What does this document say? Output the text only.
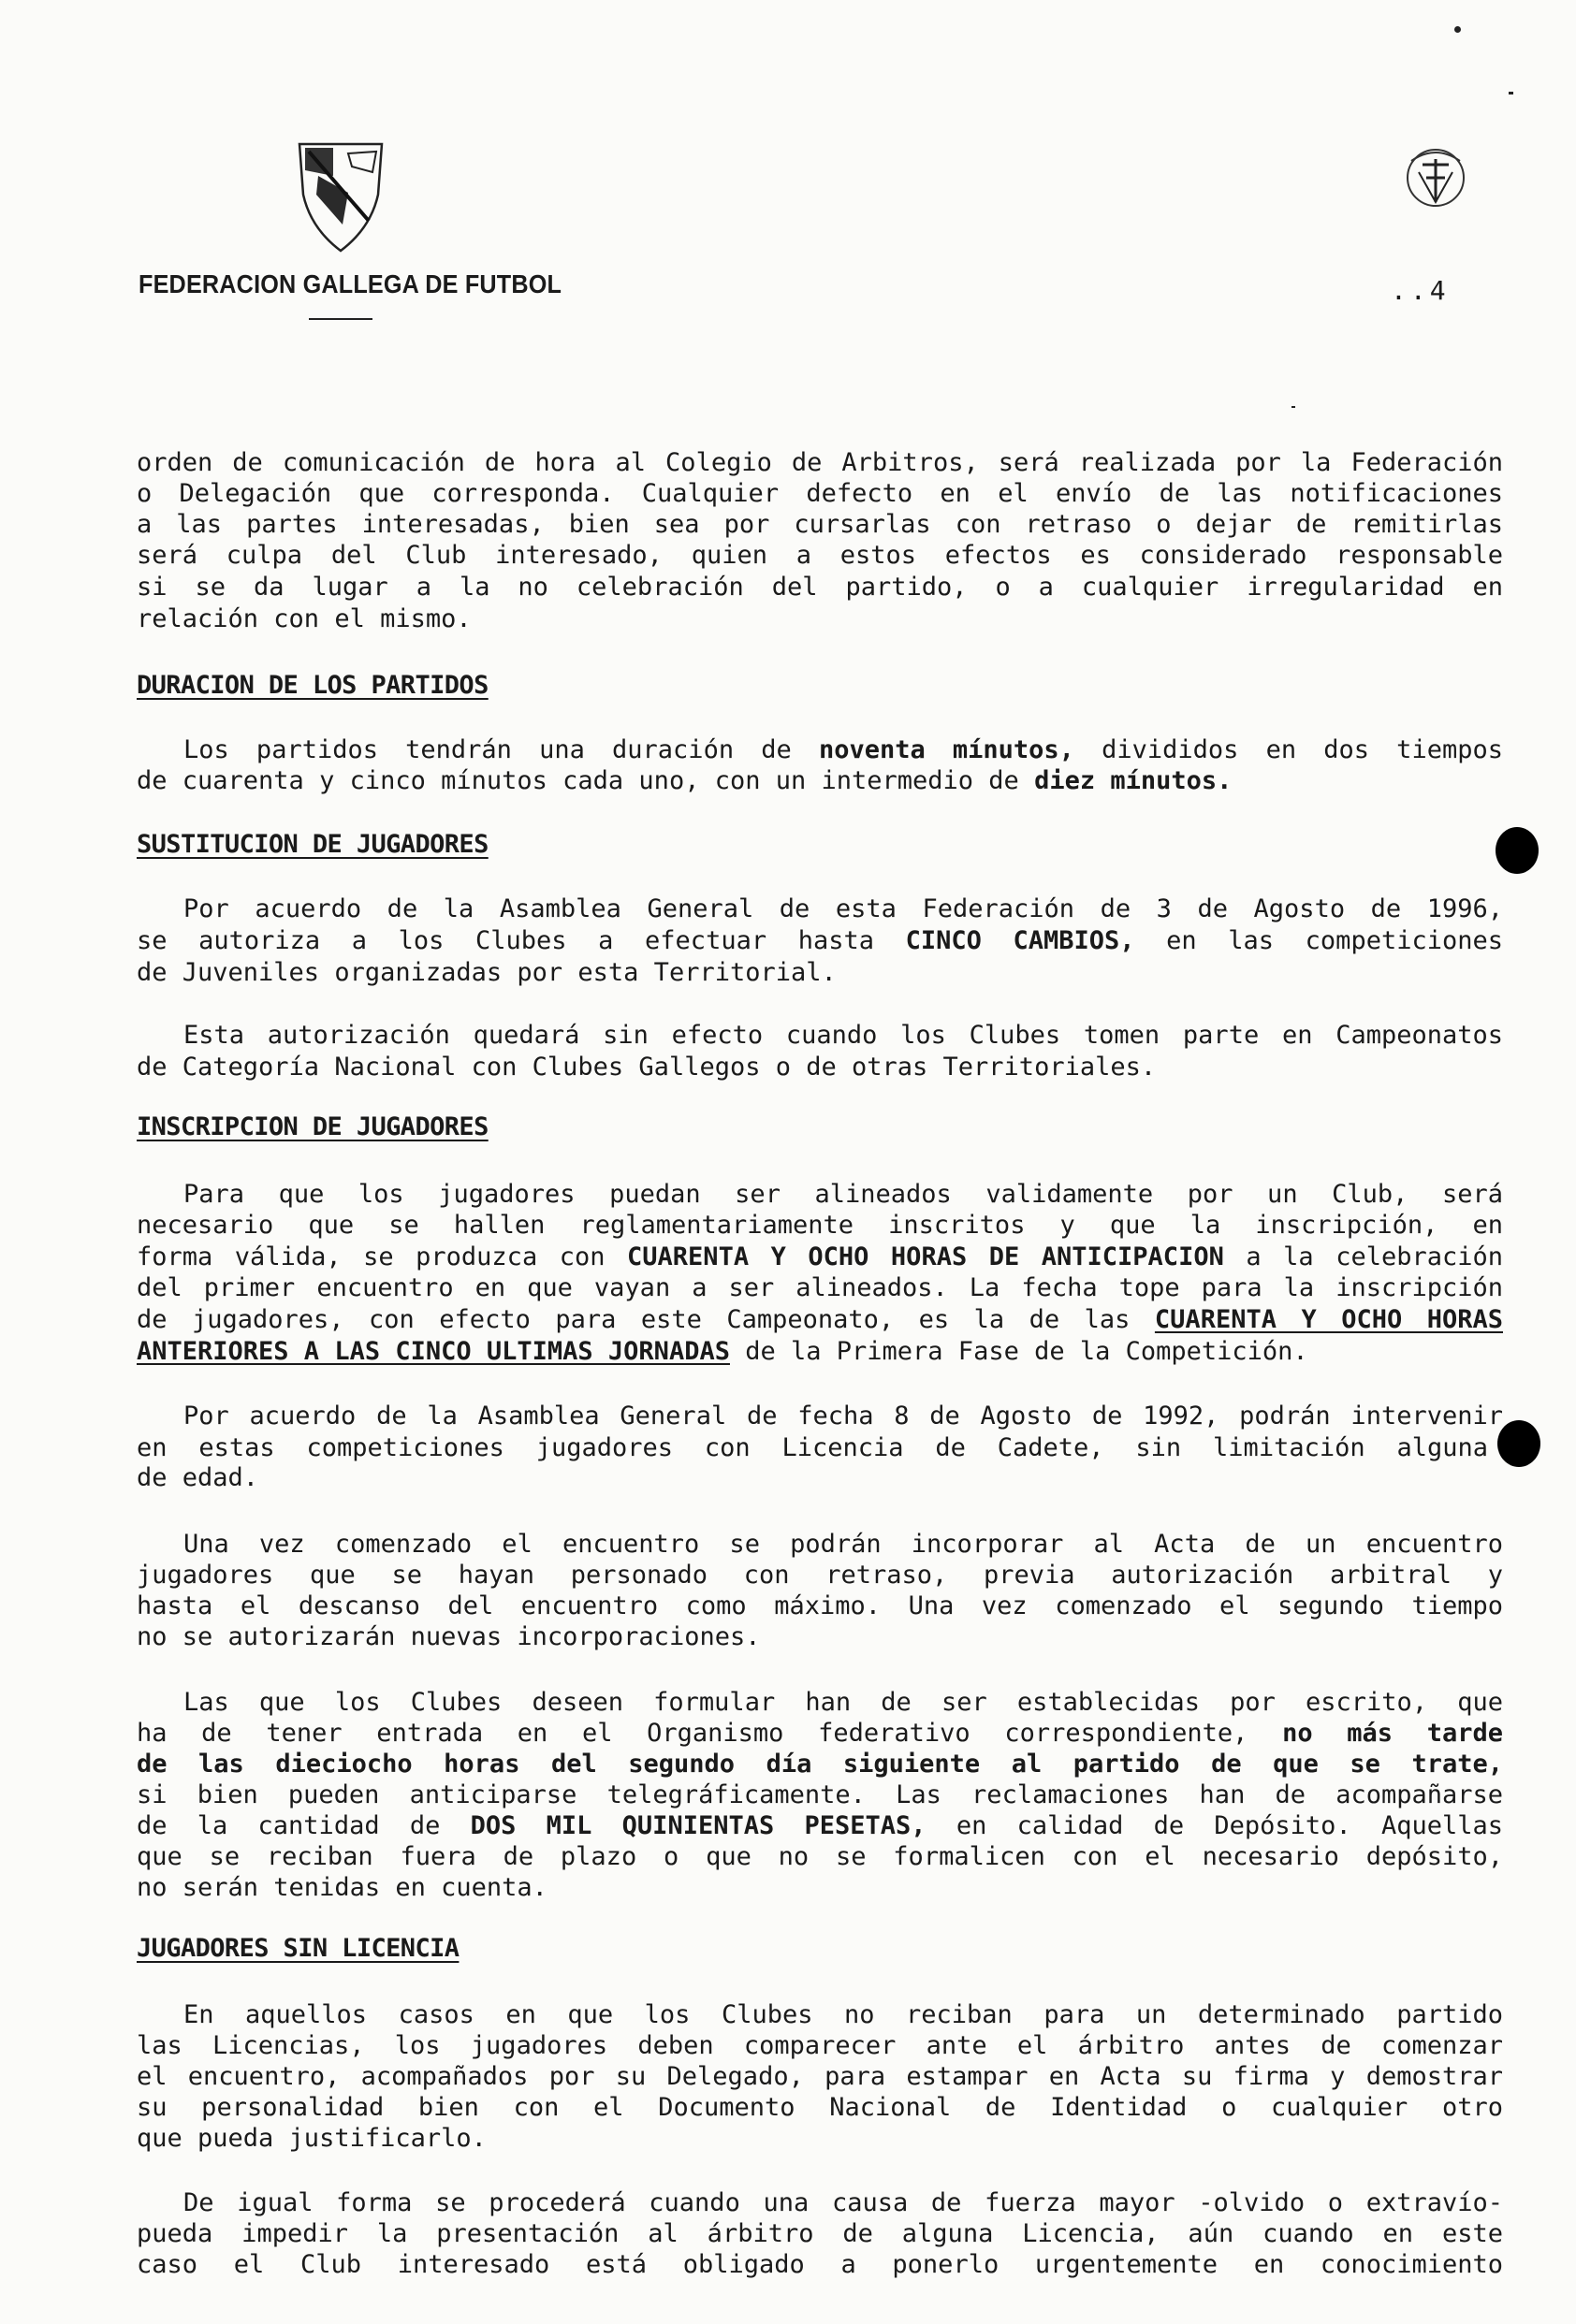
FEDERACION GALLEGA DE FUTBOL	..4
orden de comunicación de hora al Colegio de Arbitros, será realizada por la Federación
o Delegación que corresponda. Cualquier defecto en el envío de las notificaciones
a las partes interesadas, bien sea por cursarlas con retraso o dejar de remitirlas
será culpa del Club interesado, quien a estos efectos es considerado responsable
si se da lugar a la no celebración del partido, o a cualquier irregularidad en
relación con el mismo.
DURACION DE LOS PARTIDOS
Los partidos tendrán una duración de noventa mínutos, divididos en dos tiempos
de cuarenta y cinco mínutos cada uno, con un intermedio de diez mínutos.
SUSTITUCION DE JUGADORES
Por acuerdo de la Asamblea General de esta Federación de 3 de Agosto de 1996,
se autoriza a los Clubes a efectuar hasta CINCO CAMBIOS, en las competiciones
de Juveniles organizadas por esta Territorial.
Esta autorización quedará sin efecto cuando los Clubes tomen parte en Campeonatos
de Categoría Nacional con Clubes Gallegos o de otras Territoriales.
INSCRIPCION DE JUGADORES
Para que los jugadores puedan ser alineados validamente por un Club, será
necesario que se hallen reglamentariamente inscritos y que la inscripción, en
forma válida, se produzca con CUARENTA Y OCHO HORAS DE ANTICIPACION a la celebración
del primer encuentro en que vayan a ser alineados. La fecha tope para la inscripción
de jugadores, con efecto para este Campeonato, es la de las CUARENTA Y OCHO HORAS
ANTERIORES A LAS CINCO ULTIMAS JORNADAS de la Primera Fase de la Competición.
Por acuerdo de la Asamblea General de fecha 8 de Agosto de 1992, podrán intervenir
en estas competiciones jugadores con Licencia de Cadete, sin limitación alguna
de edad.
Una vez comenzado el encuentro se podrán incorporar al Acta de un encuentro
jugadores que se hayan personado con retraso, previa autorización arbitral y
hasta el descanso del encuentro como máximo. Una vez comenzado el segundo tiempo
no se autorizarán nuevas incorporaciones.
Las que los Clubes deseen formular han de ser establecidas por escrito, que
ha de tener entrada en el Organismo federativo correspondiente, no más tarde
de las dieciocho horas del segundo día siguiente al partido de que se trate,
si bien pueden anticiparse telegráficamente. Las reclamaciones han de acompañarse
de la cantidad de DOS MIL QUINIENTAS PESETAS, en calidad de Depósito. Aquellas
que se reciban fuera de plazo o que no se formalicen con el necesario depósito,
no serán tenidas en cuenta.
JUGADORES SIN LICENCIA
En aquellos casos en que los Clubes no reciban para un determinado partido
las Licencias, los jugadores deben comparecer ante el árbitro antes de comenzar
el encuentro, acompañados por su Delegado, para estampar en Acta su firma y demostrar
su personalidad bien con el Documento Nacional de Identidad o cualquier otro
que pueda justificarlo.
De igual forma se procederá cuando una causa de fuerza mayor -olvido o extravío-
pueda impedir la presentación al árbitro de alguna Licencia, aún cuando en este
caso el Club interesado está obligado a ponerlo urgentemente en conocimiento
